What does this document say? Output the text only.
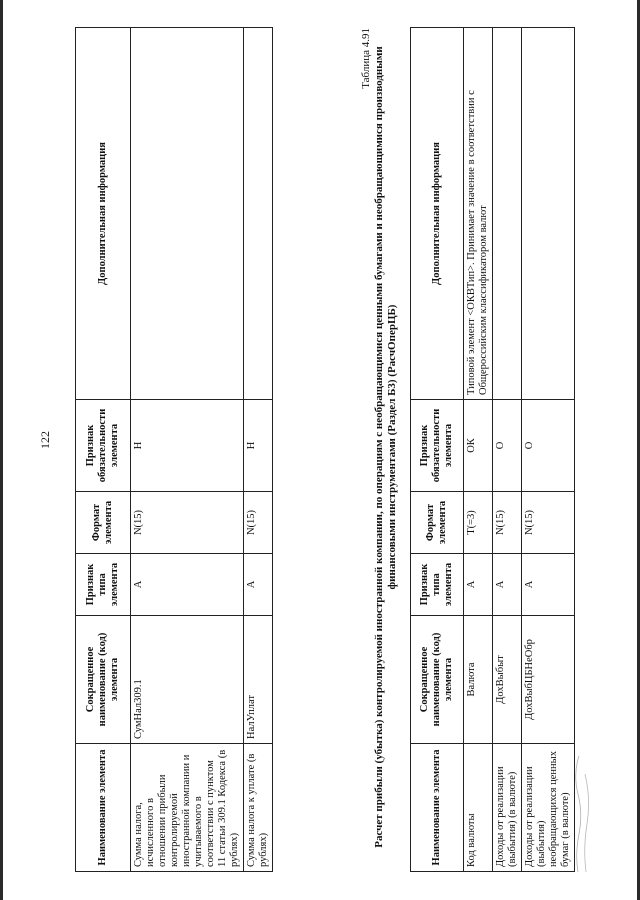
122
Наименование элемента	Сокращенное наименование (код) элемента	Признак типа элемента	Формат элемента	Признак обязательности элемента	Дополнительная информация
Сумма налога, исчисленного в отношении прибыли контролируемой иностранной компании и учитываемого в соответствии с пунктом 11 статьи 309.1 Кодекса (в рублях)	СумНал309.1	А	N(15)	Н	
Сумма налога к уплате (в рублях)	НалУплат	А	N(15)	Н	
Таблица 4.91 Расчет прибыли (убытка) контролируемой иностранной компании, по операциям с необращающимися ценными бумагами и необращающимися производными финансовыми инструментами (Раздел Б3) (РасчОперЦБ)
Наименование элемента	Сокращенное наименование (код) элемента	Признак типа элемента	Формат элемента	Признак обязательности элемента	Дополнительная информация
Код валюты	Валюта	А	T(=3)	ОК	Типовой элемент <ОКВТип>. Принимает значение в соответствии с Общероссийским классификатором валют
Доходы от реализации (выбытия) (в валюте)	ДохВыбыт	А	N(15)	О	
Доходы от реализации (выбытия) необращающихся ценных бумаг (в валюте)	ДохВыбЦБНеОбр	А	N(15)	О	
